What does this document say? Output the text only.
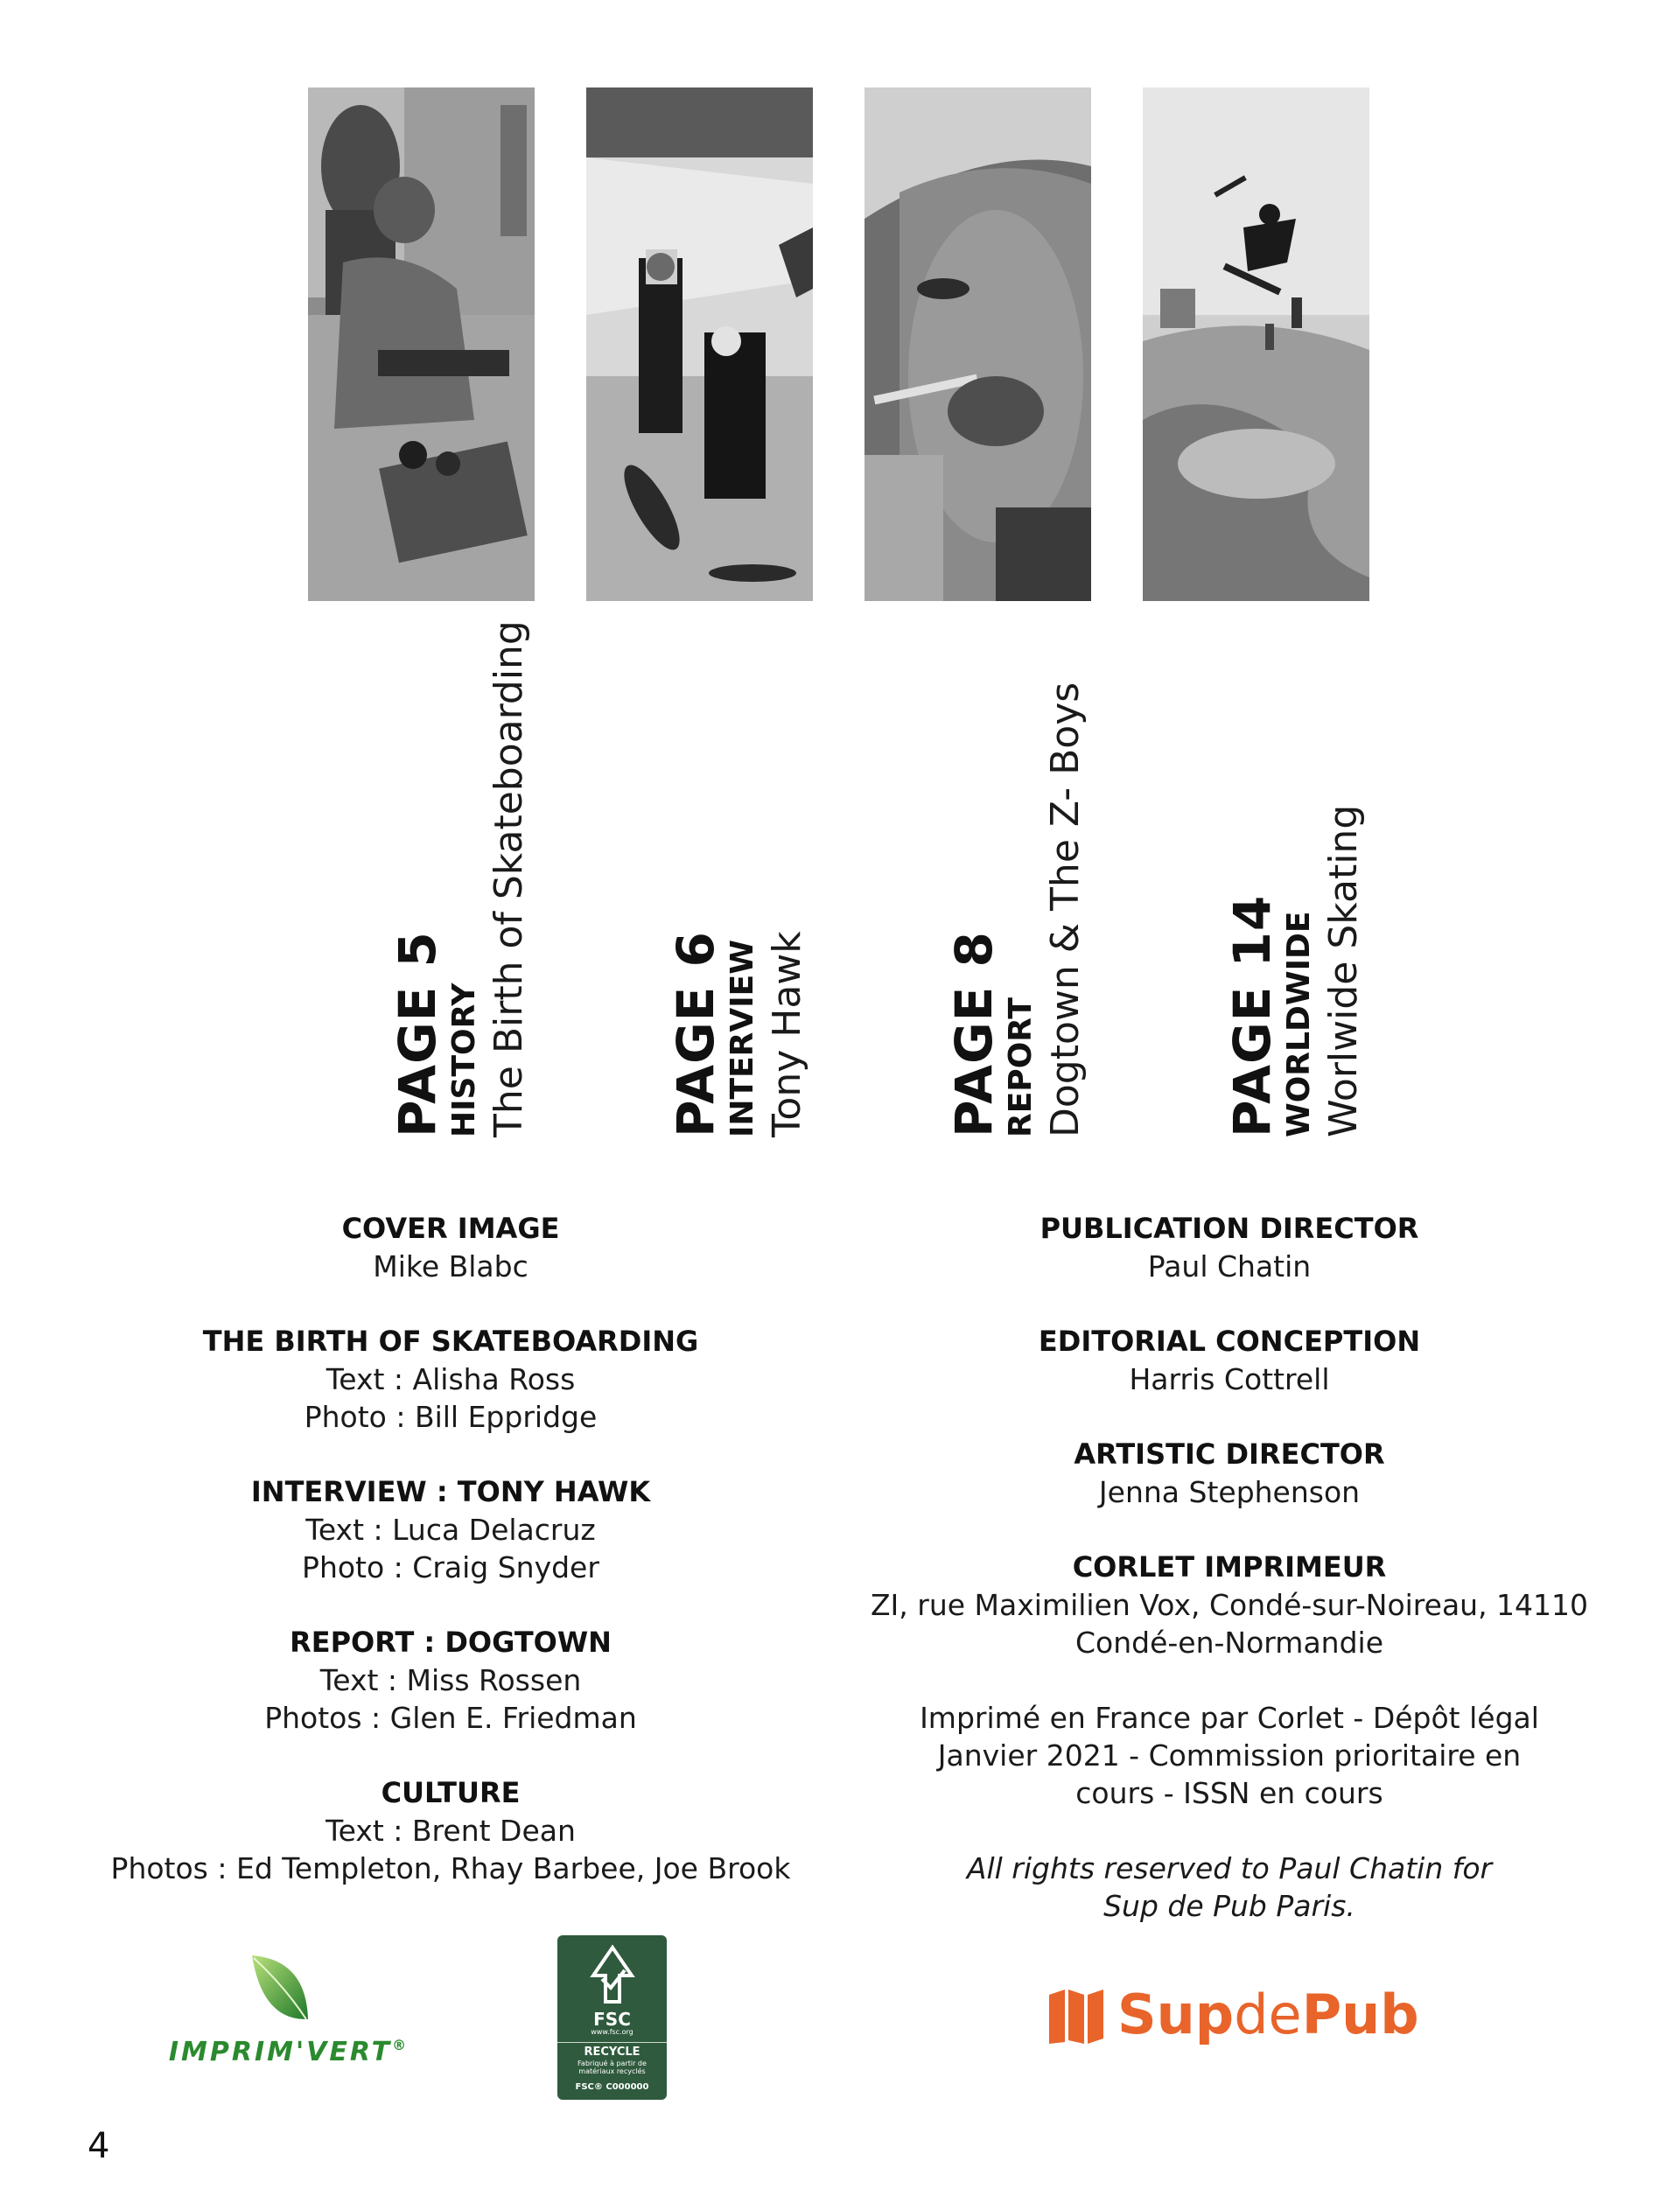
PAGE 5 HISTORY The Birth of Skateboarding	PAGE 6 INTERVIEW Tony Hawk	PAGE 8 REPORT Dogtown & The Z- Boys	PAGE 14 WORLDWIDE Worlwide Skating
COVER IMAGE
Mike Blabc
THE BIRTH OF SKATEBOARDING
Text : Alisha Ross
Photo : Bill Eppridge
INTERVIEW : TONY HAWK
Text : Luca Delacruz
Photo : Craig Snyder
REPORT : DOGTOWN
Text : Miss Rossen
Photos : Glen E. Friedman
CULTURE
Text : Brent Dean
Photos : Ed Templeton, Rhay Barbee, Joe Brook
PUBLICATION DIRECTOR
Paul Chatin
EDITORIAL CONCEPTION
Harris Cottrell
ARTISTIC DIRECTOR
Jenna Stephenson
CORLET IMPRIMEUR
ZI, rue Maximilien Vox, Condé-sur-Noireau, 14110
Condé-en-Normandie
Imprimé en France par Corlet - Dépôt légal
Janvier 2021 - Commission prioritaire en
cours - ISSN en cours
All rights reserved to Paul Chatin for
Sup de Pub Paris.
IMPRIM'VERT®
FSC
www.fsc.org
RECYCLE
Fabriqué à partir de matériaux recyclés
FSC® C000000
SupdePub
4
